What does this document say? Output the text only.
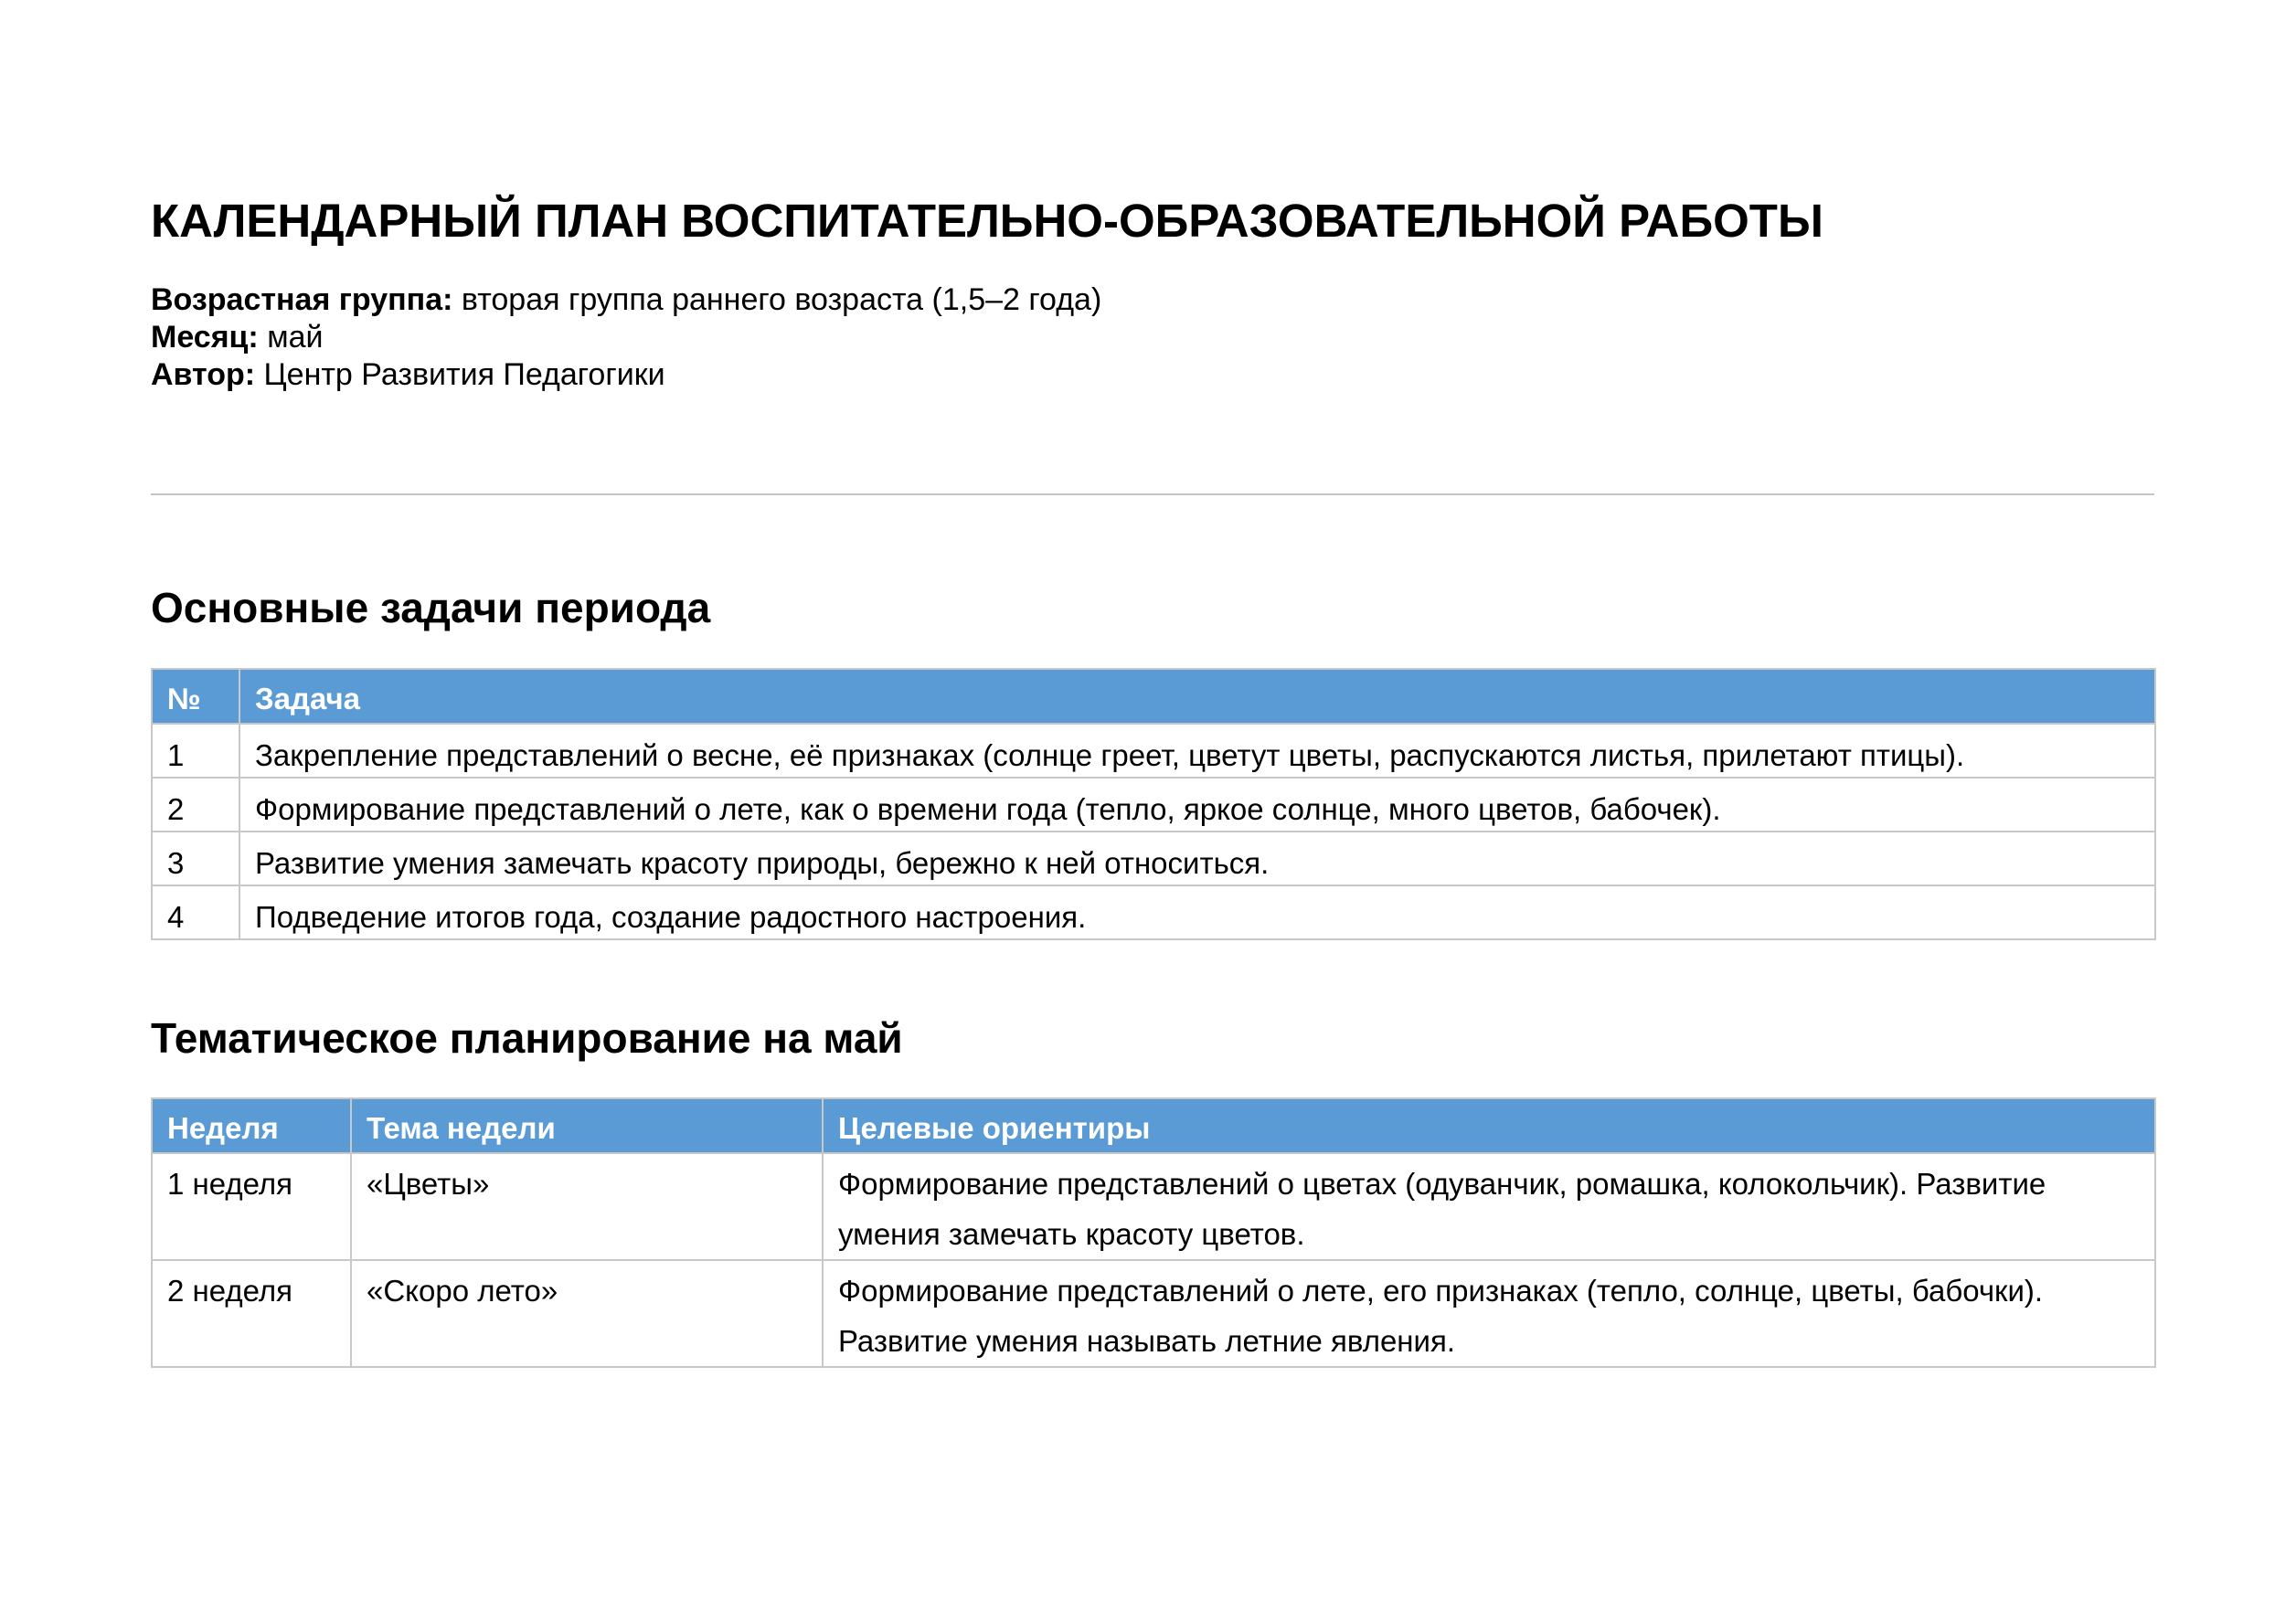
КАЛЕНДАРНЫЙ ПЛАН ВОСПИТАТЕЛЬНО-ОБРАЗОВАТЕЛЬНОЙ РАБОТЫ
Возрастная группа: вторая группа раннего возраста (1,5–2 года)
Месяц: май
Автор: Центр Развития Педагогики
Основные задачи периода
№	Задача
1	Закрепление представлений о весне, её признаках (солнце греет, цветут цветы, распускаются листья, прилетают птицы).
2	Формирование представлений о лете, как о времени года (тепло, яркое солнце, много цветов, бабочек).
3	Развитие умения замечать красоту природы, бережно к ней относиться.
4	Подведение итогов года, создание радостного настроения.
Тематическое планирование на май
Неделя	Тема недели	Целевые ориентиры
1 неделя	«Цветы»	Формирование представлений о цветах (одуванчик, ромашка, колокольчик). Развитие умения замечать красоту цветов.
2 неделя	«Скоро лето»	Формирование представлений о лете, его признаках (тепло, солнце, цветы, бабочки). Развитие умения называть летние явления.
